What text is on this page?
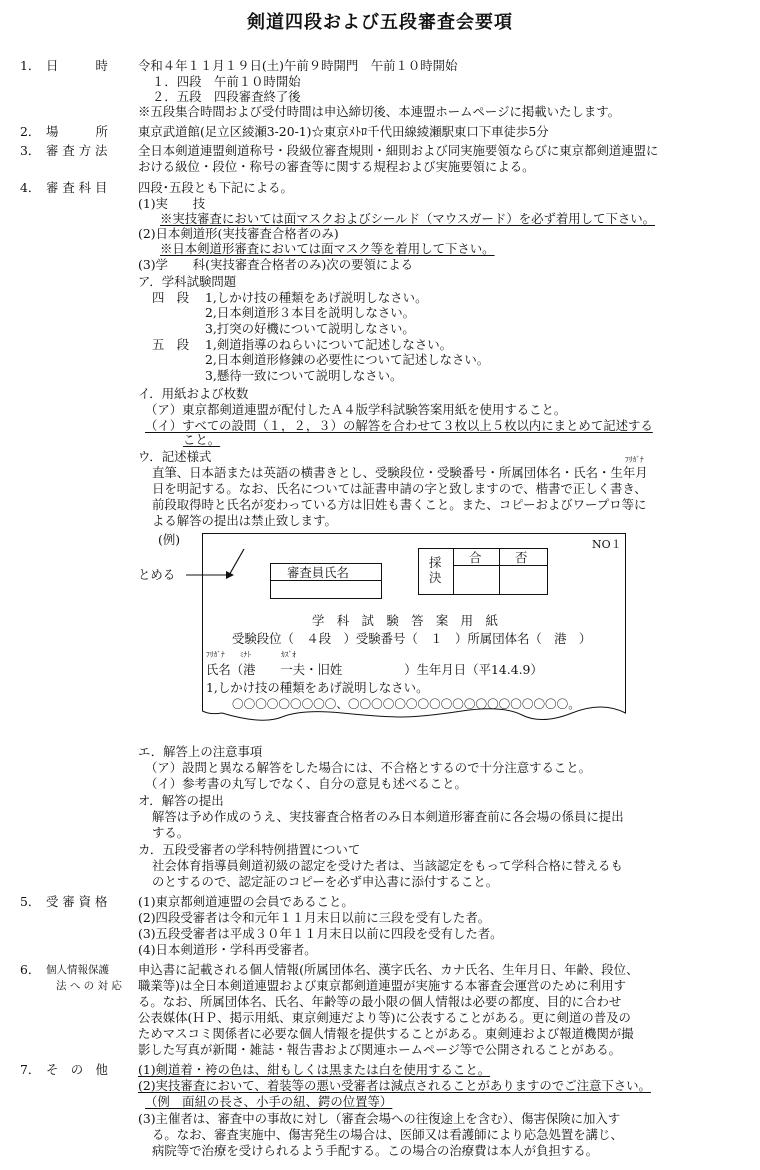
剣道四段および五段審査会要項
1． 日　　　時 令和４年１１月１９日(土)午前９時開門　午前１０時開始
１．四段　午前１０時開始
２．五段　四段審査終了後
※五段集合時間および受付時間は申込締切後、本連盟ホームページに掲載いたします。
2． 場　　　所 東京武道館(足立区綾瀬3-20-1)☆東京ﾒﾄﾛ千代田線綾瀬駅東口下車徒歩5分
3． 審 査 方 法 全日本剣道連盟剣道称号・段級位審査規則・細則および同実施要領ならびに東京都剣道連盟に
おける級位・段位・称号の審査等に関する規程および実施要領による。
4． 審 査 科 目 四段･五段とも下記による。
(1)実　　技
※実技審査においては面マスクおよびシールド（マウスガード）を必ず着用して下さい。
(2)日本剣道形(実技審査合格者のみ)
※日本剣道形審査においては面マスク等を着用して下さい。
(3)学　　科(実技審査合格者のみ)次の要領による
ア．学科試験問題
四　段 1,しかけ技の種類をあげ説明しなさい。
2,日本剣道形３本目を説明しなさい。
3,打突の好機について説明しなさい。
五　段 1,剣道指導のねらいについて記述しなさい。
2,日本剣道形修錬の必要性について記述しなさい。
3,懸待一致について説明しなさい。
イ．用紙および枚数
（ア）東京都剣道連盟が配付したＡ４版学科試験答案用紙を使用すること。
（イ）すべての設問（１，２，３）の解答を合わせて３枚以上５枚以内にまとめて記述する
こと。
ウ．記述様式	ﾌﾘｶﾞﾅ
直筆、日本語または英語の横書きとし、受験段位・受験番号・所属団体名・氏名・生年月
日を明記する。なお、氏名については証書申請の字と致しますので、楷書で正しく書き、
前段取得時と氏名が変わっている方は旧姓も書くこと。また、コピーおよびワープロ等に
よる解答の提出は禁止致します。
(例)
とめる
NO１
審査員氏名
採決
合	否
学　科　試　験　答　案　用　紙
受験段位（　４段　）受験番号（　１　）所属団体名（　港　）
ﾌﾘｶﾞﾅ　　ﾐﾅﾄ　　　　ｶｽﾞｵ
氏名（港　　一夫・旧姓　　　　　）生年月日（平14.4.9）
1,しかけ技の種類をあげ説明しなさい。
〇〇〇〇〇〇〇〇〇、〇〇〇〇〇〇〇〇〇〇〇〇〇〇〇〇〇〇〇。
エ．解答上の注意事項
（ア）設問と異なる解答をした場合には、不合格とするので十分注意すること。
（イ）参考書の丸写しでなく、自分の意見も述べること。
オ．解答の提出
解答は予め作成のうえ、実技審査合格者のみ日本剣道形審査前に各会場の係員に提出
する。
カ．五段受審者の学科特例措置について
社会体育指導員剣道初級の認定を受けた者は、当該認定をもって学科合格に替えるも
のとするので、認定証のコピーを必ず申込書に添付すること。
5． 受 審 資 格 (1)東京都剣道連盟の会員であること。
(2)四段受審者は令和元年１１月末日以前に三段を受有した者。
(3)五段受審者は平成３０年１１月末日以前に四段を受有した者。
(4)日本剣道形・学科再受審者。
6． 個人情報保護
法 へ の 対 応
申込書に記載される個人情報(所属団体名、漢字氏名、カナ氏名、生年月日、年齢、段位、
職業等)は全日本剣道連盟および東京都剣道連盟が実施する本審査会運営のために利用す
る。なお、所属団体名、氏名、年齢等の最小限の個人情報は必要の都度、目的に合わせ
公表媒体(ＨＰ、掲示用紙、東京剣連だより等)に公表することがある。更に剣道の普及の
ためマスコミ関係者に必要な個人情報を提供することがある。東剣連および報道機関が撮
影した写真が新聞・雑誌・報告書および関連ホームページ等で公開されることがある。
7． そ　の　他 (1)剣道着・袴の色は、紺もしくは黒または白を使用すること。
(2)実技審査において、着装等の悪い受審者は減点されることがありますのでご注意下さい。
（例　面紐の長さ、小手の紐、鍔の位置等）
(3)主催者は、審査中の事故に対し（審査会場への往復途上を含む）、傷害保険に加入す
る。なお、審査実施中、傷害発生の場合は、医師又は看護師により応急処置を講じ、
病院等で治療を受けられるよう手配する。この場合の治療費は本人が負担する。
